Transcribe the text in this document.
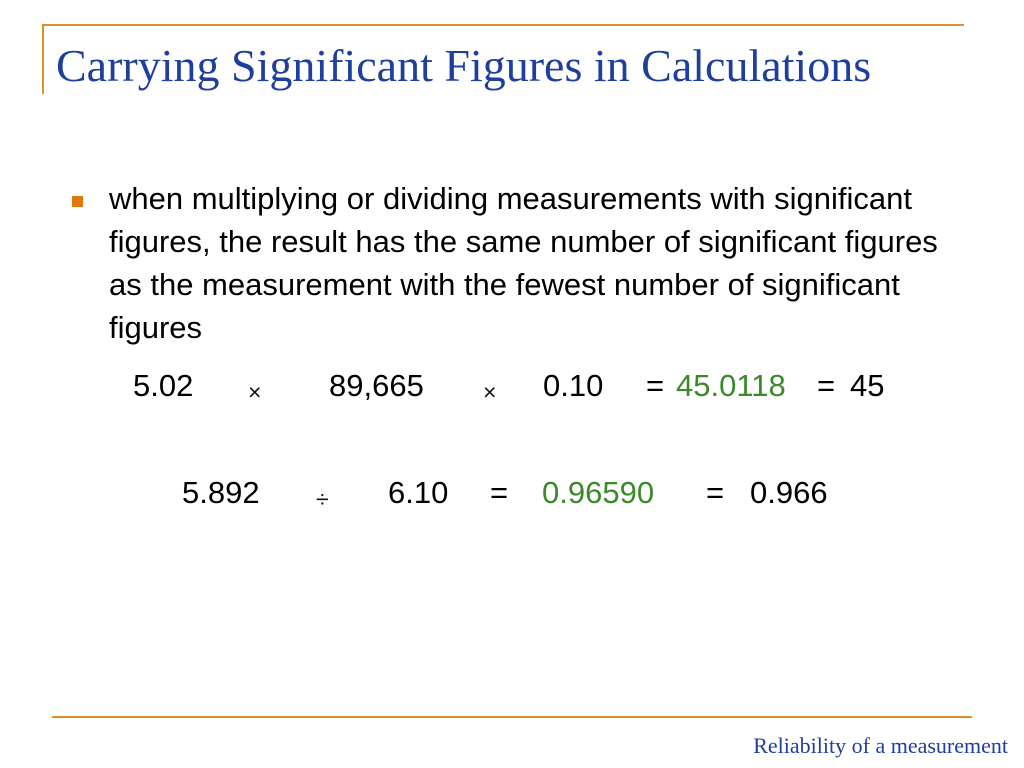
Carrying Significant Figures in Calculations
when multiplying or dividing measurements with significant figures, the result has the same number of significant figures as the measurement with the fewest number of significant figures
5.02 × 89,665	× 0.10 = 45.0118 = 45
5.892 ÷ 6.10 = 0.96590 = 0.966
Reliability of a measurement
